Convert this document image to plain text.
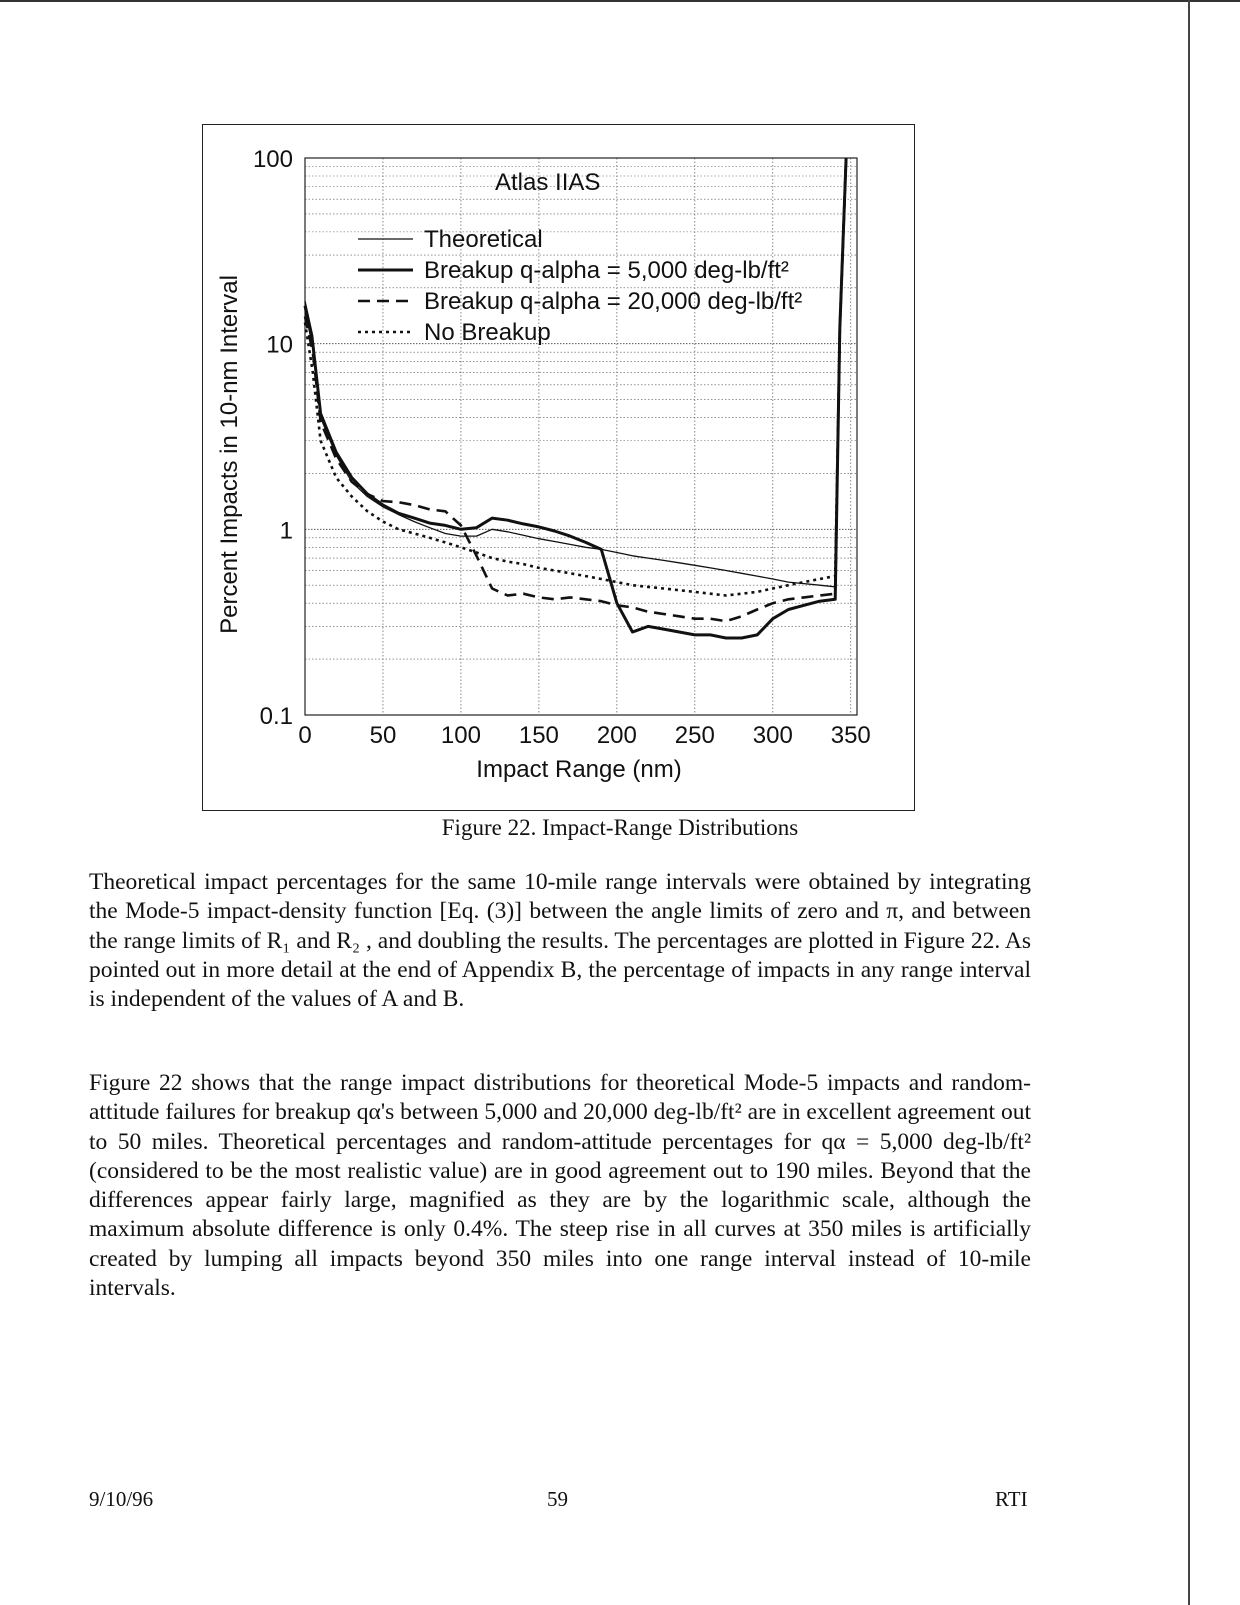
0.1
1
10
100
0 50 100 150 200 250 300 350
Impact Range (nm)
Percent Impacts in 10-nm Interval
Atlas IIAS
Theoretical
Breakup q-alpha = 5,000 deg-lb/ft²
Breakup q-alpha = 20,000 deg-lb/ft²
No Breakup
Figure 22. Impact-Range Distributions

Theoretical impact percentages for the same 10-mile range intervals were obtained by integrating the Mode-5 impact-density function [Eq. (3)] between the angle limits of zero and π, and between the range limits of R₁ and R₂ , and doubling the results. The percentages are plotted in Figure 22. As pointed out in more detail at the end of Appendix B, the percentage of impacts in any range interval is independent of the values of A and B.

Figure 22 shows that the range impact distributions for theoretical Mode-5 impacts and random-attitude failures for breakup qα's between 5,000 and 20,000 deg-lb/ft² are in excellent agreement out to 50 miles. Theoretical percentages and random-attitude percentages for qα = 5,000 deg-lb/ft² (considered to be the most realistic value) are in good agreement out to 190 miles. Beyond that the differences appear fairly large, magnified as they are by the logarithmic scale, although the maximum absolute difference is only 0.4%. The steep rise in all curves at 350 miles is artificially created by lumping all impacts beyond 350 miles into one range interval instead of 10-mile intervals.

9/10/96	59	RTI
